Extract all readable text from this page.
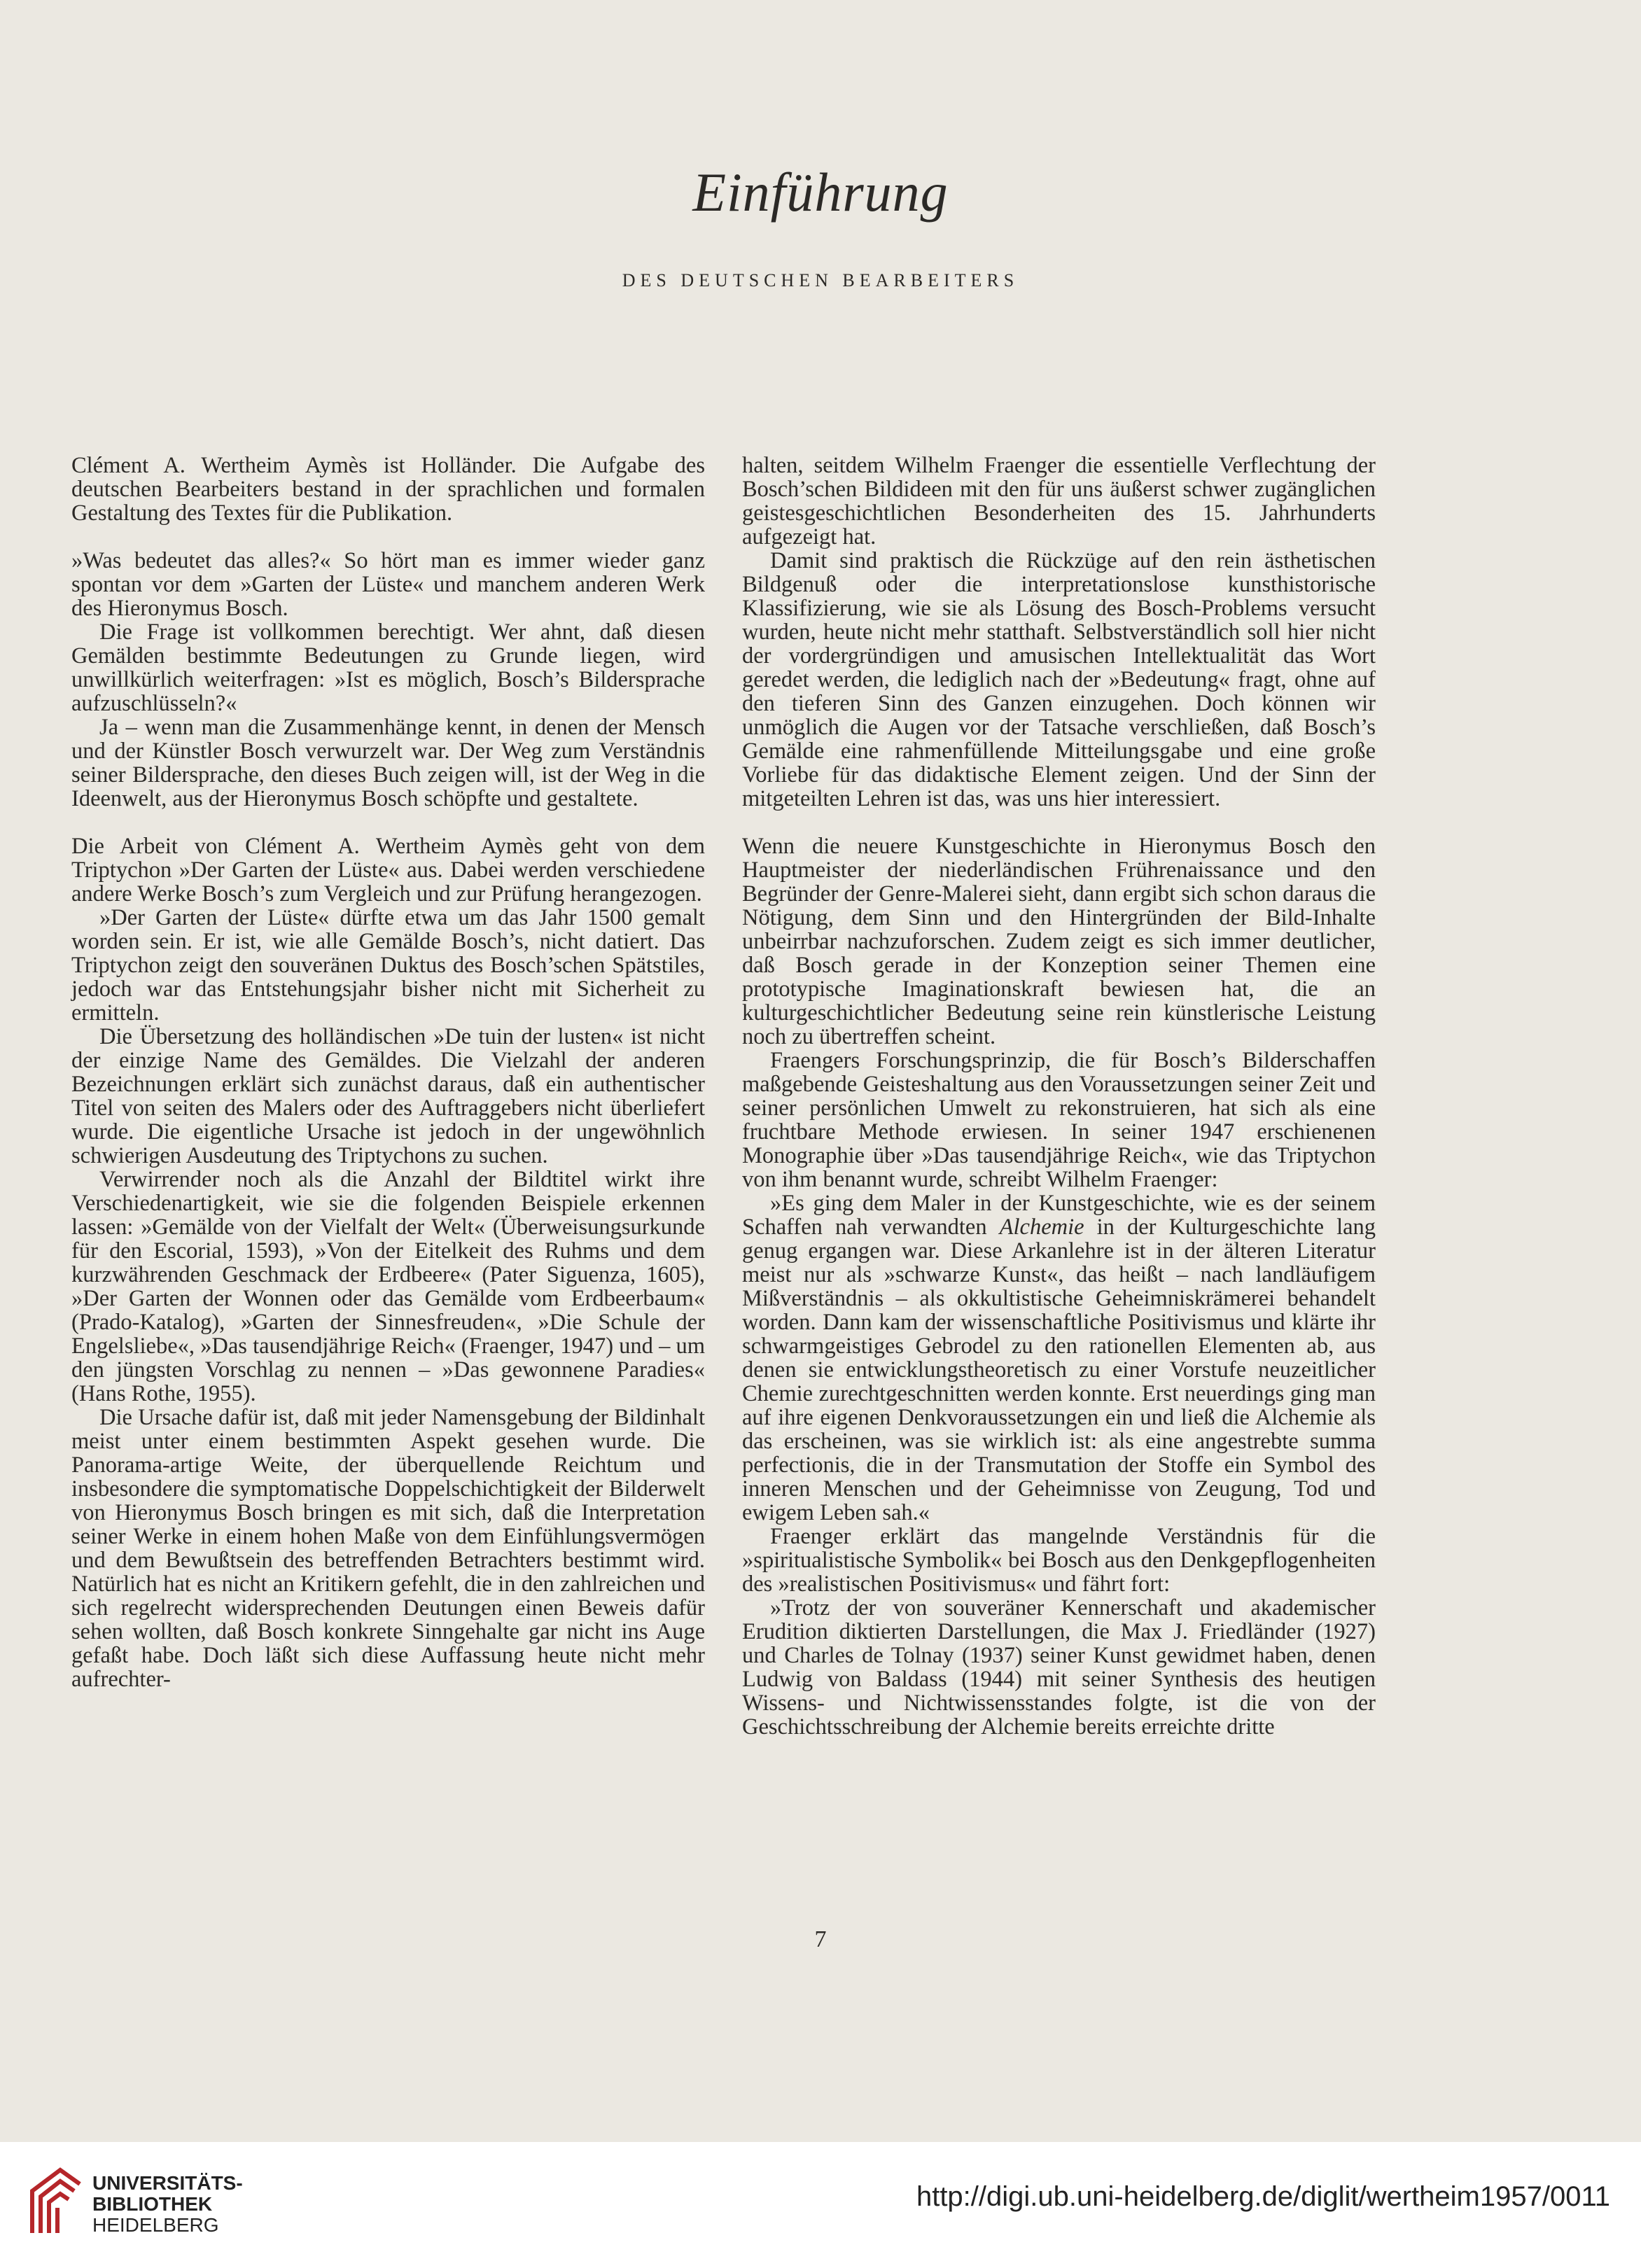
Einführung
DES DEUTSCHEN BEARBEITERS

Clément A. Wertheim Aymès ist Holländer. Die Aufgabe des deutschen Bearbeiters bestand in der sprachlichen und formalen Gestaltung des Textes für die Publikation.

»Was bedeutet das alles?« So hört man es immer wieder ganz spontan vor dem »Garten der Lüste« und manchem anderen Werk des Hieronymus Bosch.

Die Frage ist vollkommen berechtigt. Wer ahnt, daß diesen Gemälden bestimmte Bedeutungen zu Grunde liegen, wird unwillkürlich weiterfragen: »Ist es möglich, Bosch’s Bildersprache aufzuschlüsseln?«

Ja – wenn man die Zusammenhänge kennt, in denen der Mensch und der Künstler Bosch verwurzelt war. Der Weg zum Verständnis seiner Bildersprache, den dieses Buch zeigen will, ist der Weg in die Ideenwelt, aus der Hieronymus Bosch schöpfte und gestaltete.

Die Arbeit von Clément A. Wertheim Aymès geht von dem Triptychon »Der Garten der Lüste« aus. Dabei werden verschiedene andere Werke Bosch’s zum Vergleich und zur Prüfung herangezogen.

»Der Garten der Lüste« dürfte etwa um das Jahr 1500 gemalt worden sein. Er ist, wie alle Gemälde Bosch’s, nicht datiert. Das Triptychon zeigt den souveränen Duktus des Bosch’schen Spätstiles, jedoch war das Entstehungsjahr bisher nicht mit Sicherheit zu ermitteln.

Die Übersetzung des holländischen »De tuin der lusten« ist nicht der einzige Name des Gemäldes. Die Vielzahl der anderen Bezeichnungen erklärt sich zunächst daraus, daß ein authentischer Titel von seiten des Malers oder des Auftraggebers nicht überliefert wurde. Die eigentliche Ursache ist jedoch in der ungewöhnlich schwierigen Ausdeutung des Triptychons zu suchen.

Verwirrender noch als die Anzahl der Bildtitel wirkt ihre Verschiedenartigkeit, wie sie die folgenden Beispiele erkennen lassen: »Gemälde von der Vielfalt der Welt« (Überweisungsurkunde für den Escorial, 1593), »Von der Eitelkeit des Ruhms und dem kurzwährenden Geschmack der Erdbeere« (Pater Siguenza, 1605), »Der Garten der Wonnen oder das Gemälde vom Erdbeerbaum« (Prado-Katalog), »Garten der Sinnesfreuden«, »Die Schule der Engelsliebe«, »Das tausendjährige Reich« (Fraenger, 1947) und – um den jüngsten Vorschlag zu nennen – »Das gewonnene Paradies« (Hans Rothe, 1955).

Die Ursache dafür ist, daß mit jeder Namensgebung der Bildinhalt meist unter einem bestimmten Aspekt gesehen wurde. Die Panorama-artige Weite, der überquellende Reichtum und insbesondere die symptomatische Doppelschichtigkeit der Bilderwelt von Hieronymus Bosch bringen es mit sich, daß die Interpretation seiner Werke in einem hohen Maße von dem Einfühlungsvermögen und dem Bewußtsein des betreffenden Betrachters bestimmt wird. Natürlich hat es nicht an Kritikern gefehlt, die in den zahlreichen und sich regelrecht widersprechenden Deutungen einen Beweis dafür sehen wollten, daß Bosch konkrete Sinngehalte gar nicht ins Auge gefaßt habe. Doch läßt sich diese Auffassung heute nicht mehr aufrechter-

halten, seitdem Wilhelm Fraenger die essentielle Verflechtung der Bosch’schen Bildideen mit den für uns äußerst schwer zugänglichen geistesgeschichtlichen Besonderheiten des 15. Jahrhunderts aufgezeigt hat.

Damit sind praktisch die Rückzüge auf den rein ästhetischen Bildgenuß oder die interpretationslose kunsthistorische Klassifizierung, wie sie als Lösung des Bosch-Problems versucht wurden, heute nicht mehr statthaft. Selbstverständlich soll hier nicht der vordergründigen und amusischen Intellektualität das Wort geredet werden, die lediglich nach der »Bedeutung« fragt, ohne auf den tieferen Sinn des Ganzen einzugehen. Doch können wir unmöglich die Augen vor der Tatsache verschließen, daß Bosch’s Gemälde eine rahmenfüllende Mitteilungsgabe und eine große Vorliebe für das didaktische Element zeigen. Und der Sinn der mitgeteilten Lehren ist das, was uns hier interessiert.

Wenn die neuere Kunstgeschichte in Hieronymus Bosch den Hauptmeister der niederländischen Frührenaissance und den Begründer der Genre-Malerei sieht, dann ergibt sich schon daraus die Nötigung, dem Sinn und den Hintergründen der Bild-Inhalte unbeirrbar nachzuforschen. Zudem zeigt es sich immer deutlicher, daß Bosch gerade in der Konzeption seiner Themen eine prototypische Imaginationskraft bewiesen hat, die an kulturgeschichtlicher Bedeutung seine rein künstlerische Leistung noch zu übertreffen scheint.

Fraengers Forschungsprinzip, die für Bosch’s Bilderschaffen maßgebende Geisteshaltung aus den Voraussetzungen seiner Zeit und seiner persönlichen Umwelt zu rekonstruieren, hat sich als eine fruchtbare Methode erwiesen. In seiner 1947 erschienenen Monographie über »Das tausendjährige Reich«, wie das Triptychon von ihm benannt wurde, schreibt Wilhelm Fraenger:

»Es ging dem Maler in der Kunstgeschichte, wie es der seinem Schaffen nah verwandten Alchemie in der Kulturgeschichte lang genug ergangen war. Diese Arkanlehre ist in der älteren Literatur meist nur als »schwarze Kunst«, das heißt – nach landläufigem Mißverständnis – als okkultistische Geheimniskrämerei behandelt worden. Dann kam der wissenschaftliche Positivismus und klärte ihr schwarmgeistiges Gebrodel zu den rationellen Elementen ab, aus denen sie entwicklungstheoretisch zu einer Vorstufe neuzeitlicher Chemie zurechtgeschnitten werden konnte. Erst neuerdings ging man auf ihre eigenen Denkvoraussetzungen ein und ließ die Alchemie als das erscheinen, was sie wirklich ist: als eine angestrebte summa perfectionis, die in der Transmutation der Stoffe ein Symbol des inneren Menschen und der Geheimnisse von Zeugung, Tod und ewigem Leben sah.«

Fraenger erklärt das mangelnde Verständnis für die »spiritualistische Symbolik« bei Bosch aus den Denkgepflogenheiten des »realistischen Positivismus« und fährt fort:

»Trotz der von souveräner Kennerschaft und akademischer Erudition diktierten Darstellungen, die Max J. Friedländer (1927) und Charles de Tolnay (1937) seiner Kunst gewidmet haben, denen Ludwig von Baldass (1944) mit seiner Synthesis des heutigen Wissens- und Nichtwissensstandes folgte, ist die von der Geschichtsschreibung der Alchemie bereits erreichte dritte

7
UNIVERSITÄTS-
BIBLIOTHEK
HEIDELBERG
http://digi.ub.uni-heidelberg.de/diglit/wertheim1957/0011
